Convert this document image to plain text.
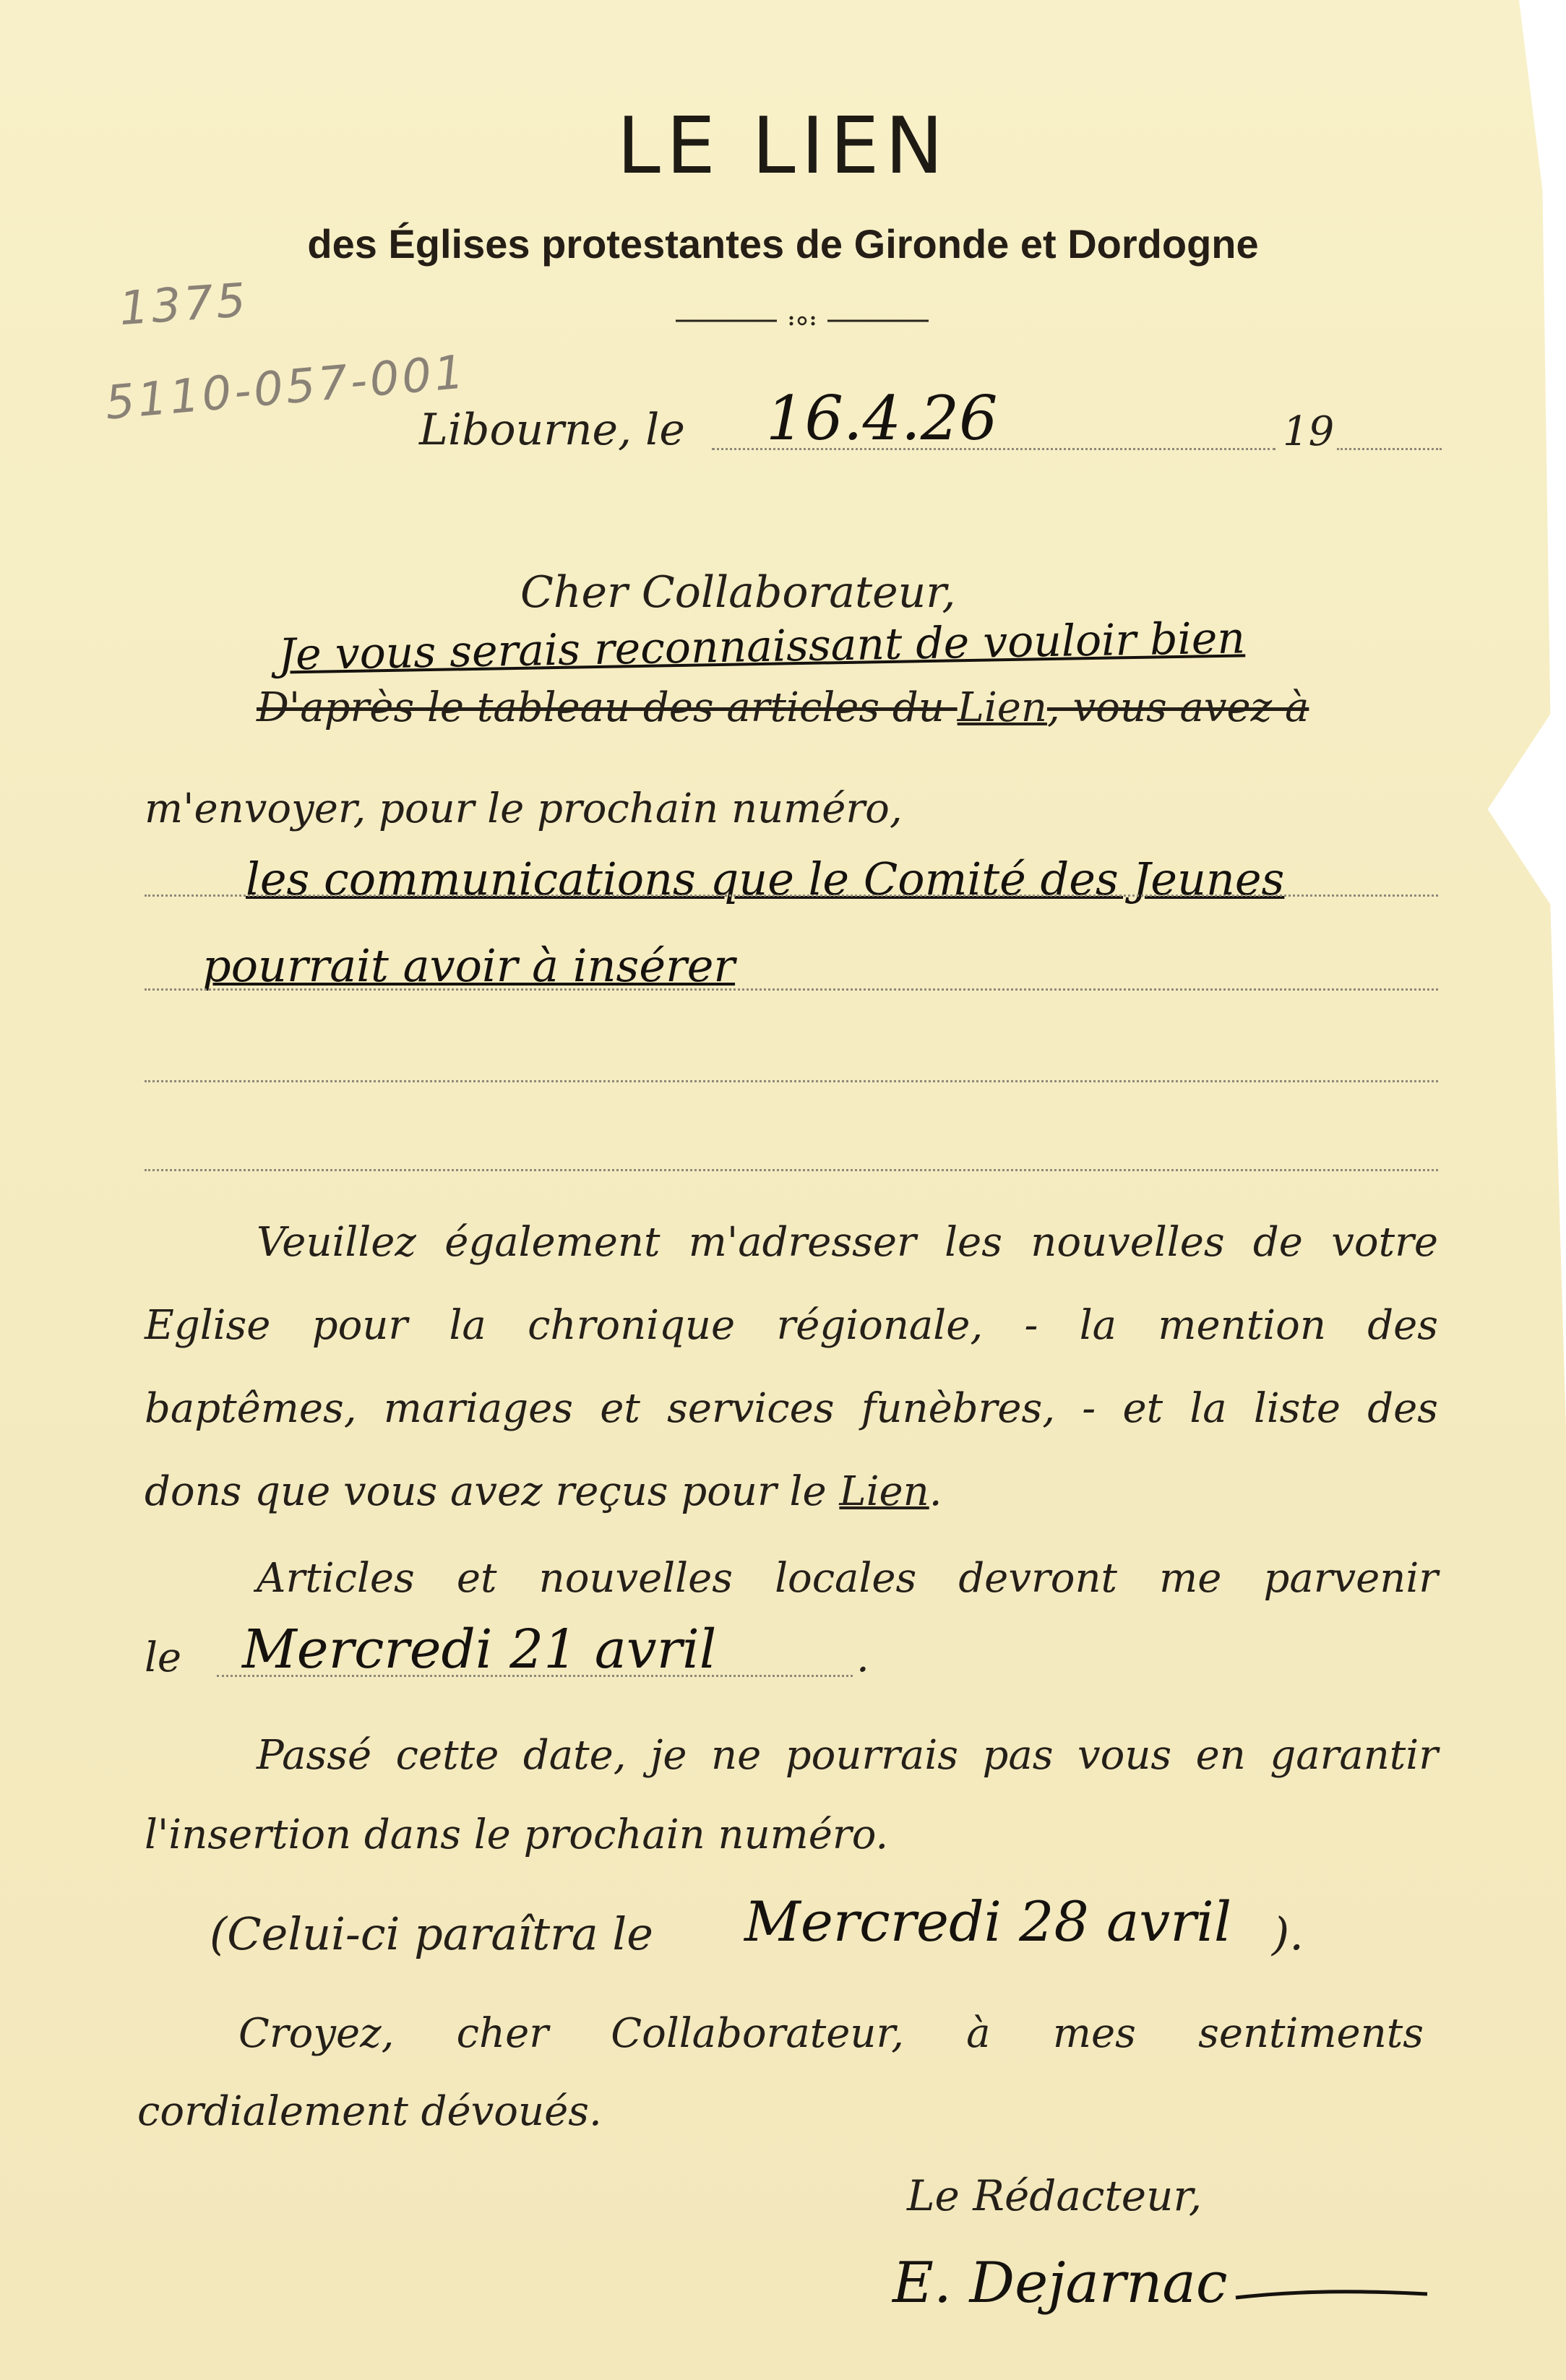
1375
5110-057-001
LE LIEN
des Églises protestantes de Gironde et Dordogne
Libourne, le 16.4.26	19
Cher Collaborateur,
Je vous serais reconnaissant de vouloir bien
D'après le tableau des articles du Lien, vous avez à
m'envoyer, pour le prochain numéro,
les communications que le Comité des Jeunes
pourrait avoir à insérer
Veuillez également m'adresser les nouvelles de votre
Eglise pour la chronique régionale, - la mention des
baptêmes, mariages et services funèbres, - et la liste des
dons que vous avez reçus pour le Lien.
Articles et nouvelles locales devront me parvenir
le Mercredi 21 avril	.
Passé cette date, je ne pourrais pas vous en garantir
l'insertion dans le prochain numéro.
(Celui-ci paraîtra le Mercredi 28 avril ).
Croyez, cher Collaborateur, à mes sentiments
cordialement dévoués.
Le Rédacteur,
E. Dejarnac
